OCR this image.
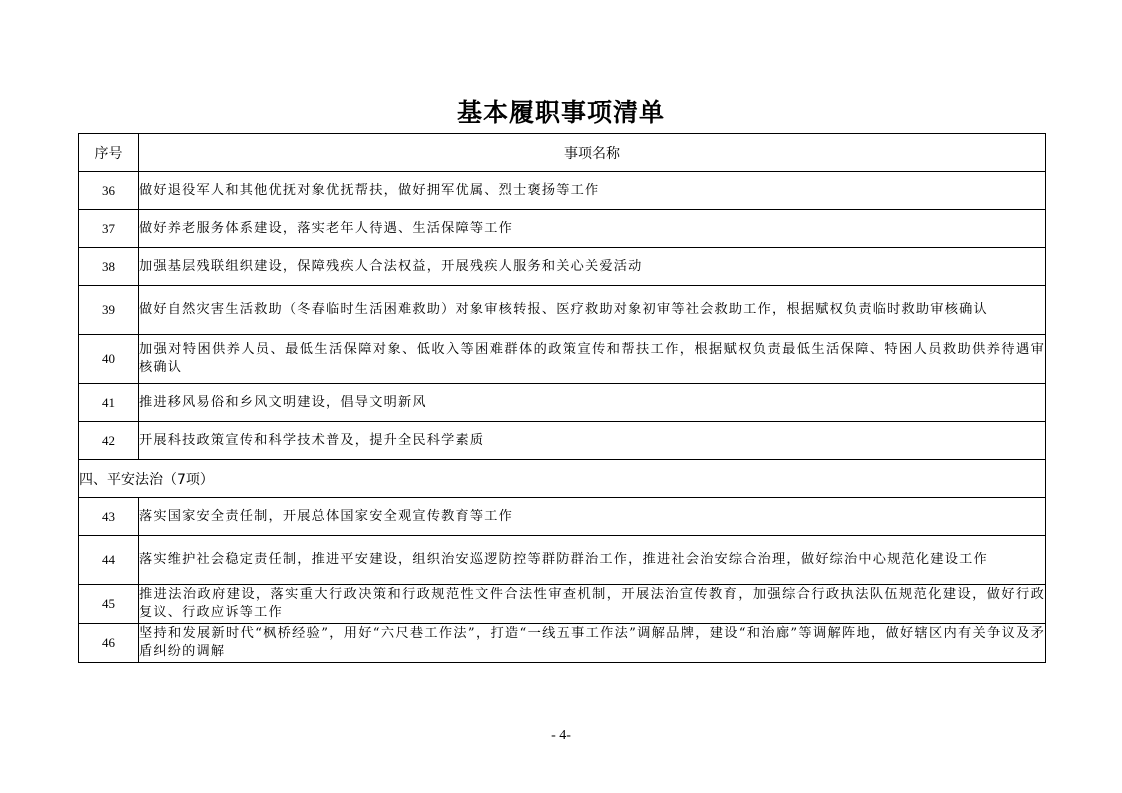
基本履职事项清单
序号	事项名称
36	做好退役军人和其他优抚对象优抚帮扶，做好拥军优属、烈士褒扬等工作
37	做好养老服务体系建设，落实老年人待遇、生活保障等工作
38	加强基层残联组织建设，保障残疾人合法权益，开展残疾人服务和关心关爱活动
39	做好自然灾害生活救助（冬春临时生活困难救助）对象审核转报、医疗救助对象初审等社会救助工作，根据赋权负责临时救助审核确认
40	加强对特困供养人员、最低生活保障对象、低收入等困难群体的政策宣传和帮扶工作，根据赋权负责最低生活保障、特困人员救助供养待遇审核确认
41	推进移风易俗和乡风文明建设，倡导文明新风
42	开展科技政策宣传和科学技术普及，提升全民科学素质
四、平安法治（7项）	
43	落实国家安全责任制，开展总体国家安全观宣传教育等工作
44	落实维护社会稳定责任制，推进平安建设，组织治安巡逻防控等群防群治工作，推进社会治安综合治理，做好综治中心规范化建设工作
45	推进法治政府建设，落实重大行政决策和行政规范性文件合法性审查机制，开展法治宣传教育，加强综合行政执法队伍规范化建设，做好行政复议、行政应诉等工作
46	坚持和发展新时代“枫桥经验”，用好“六尺巷工作法”，打造“一线五事工作法”调解品牌，建设“和治廊”等调解阵地，做好辖区内有关争议及矛盾纠纷的调解
- 4-
